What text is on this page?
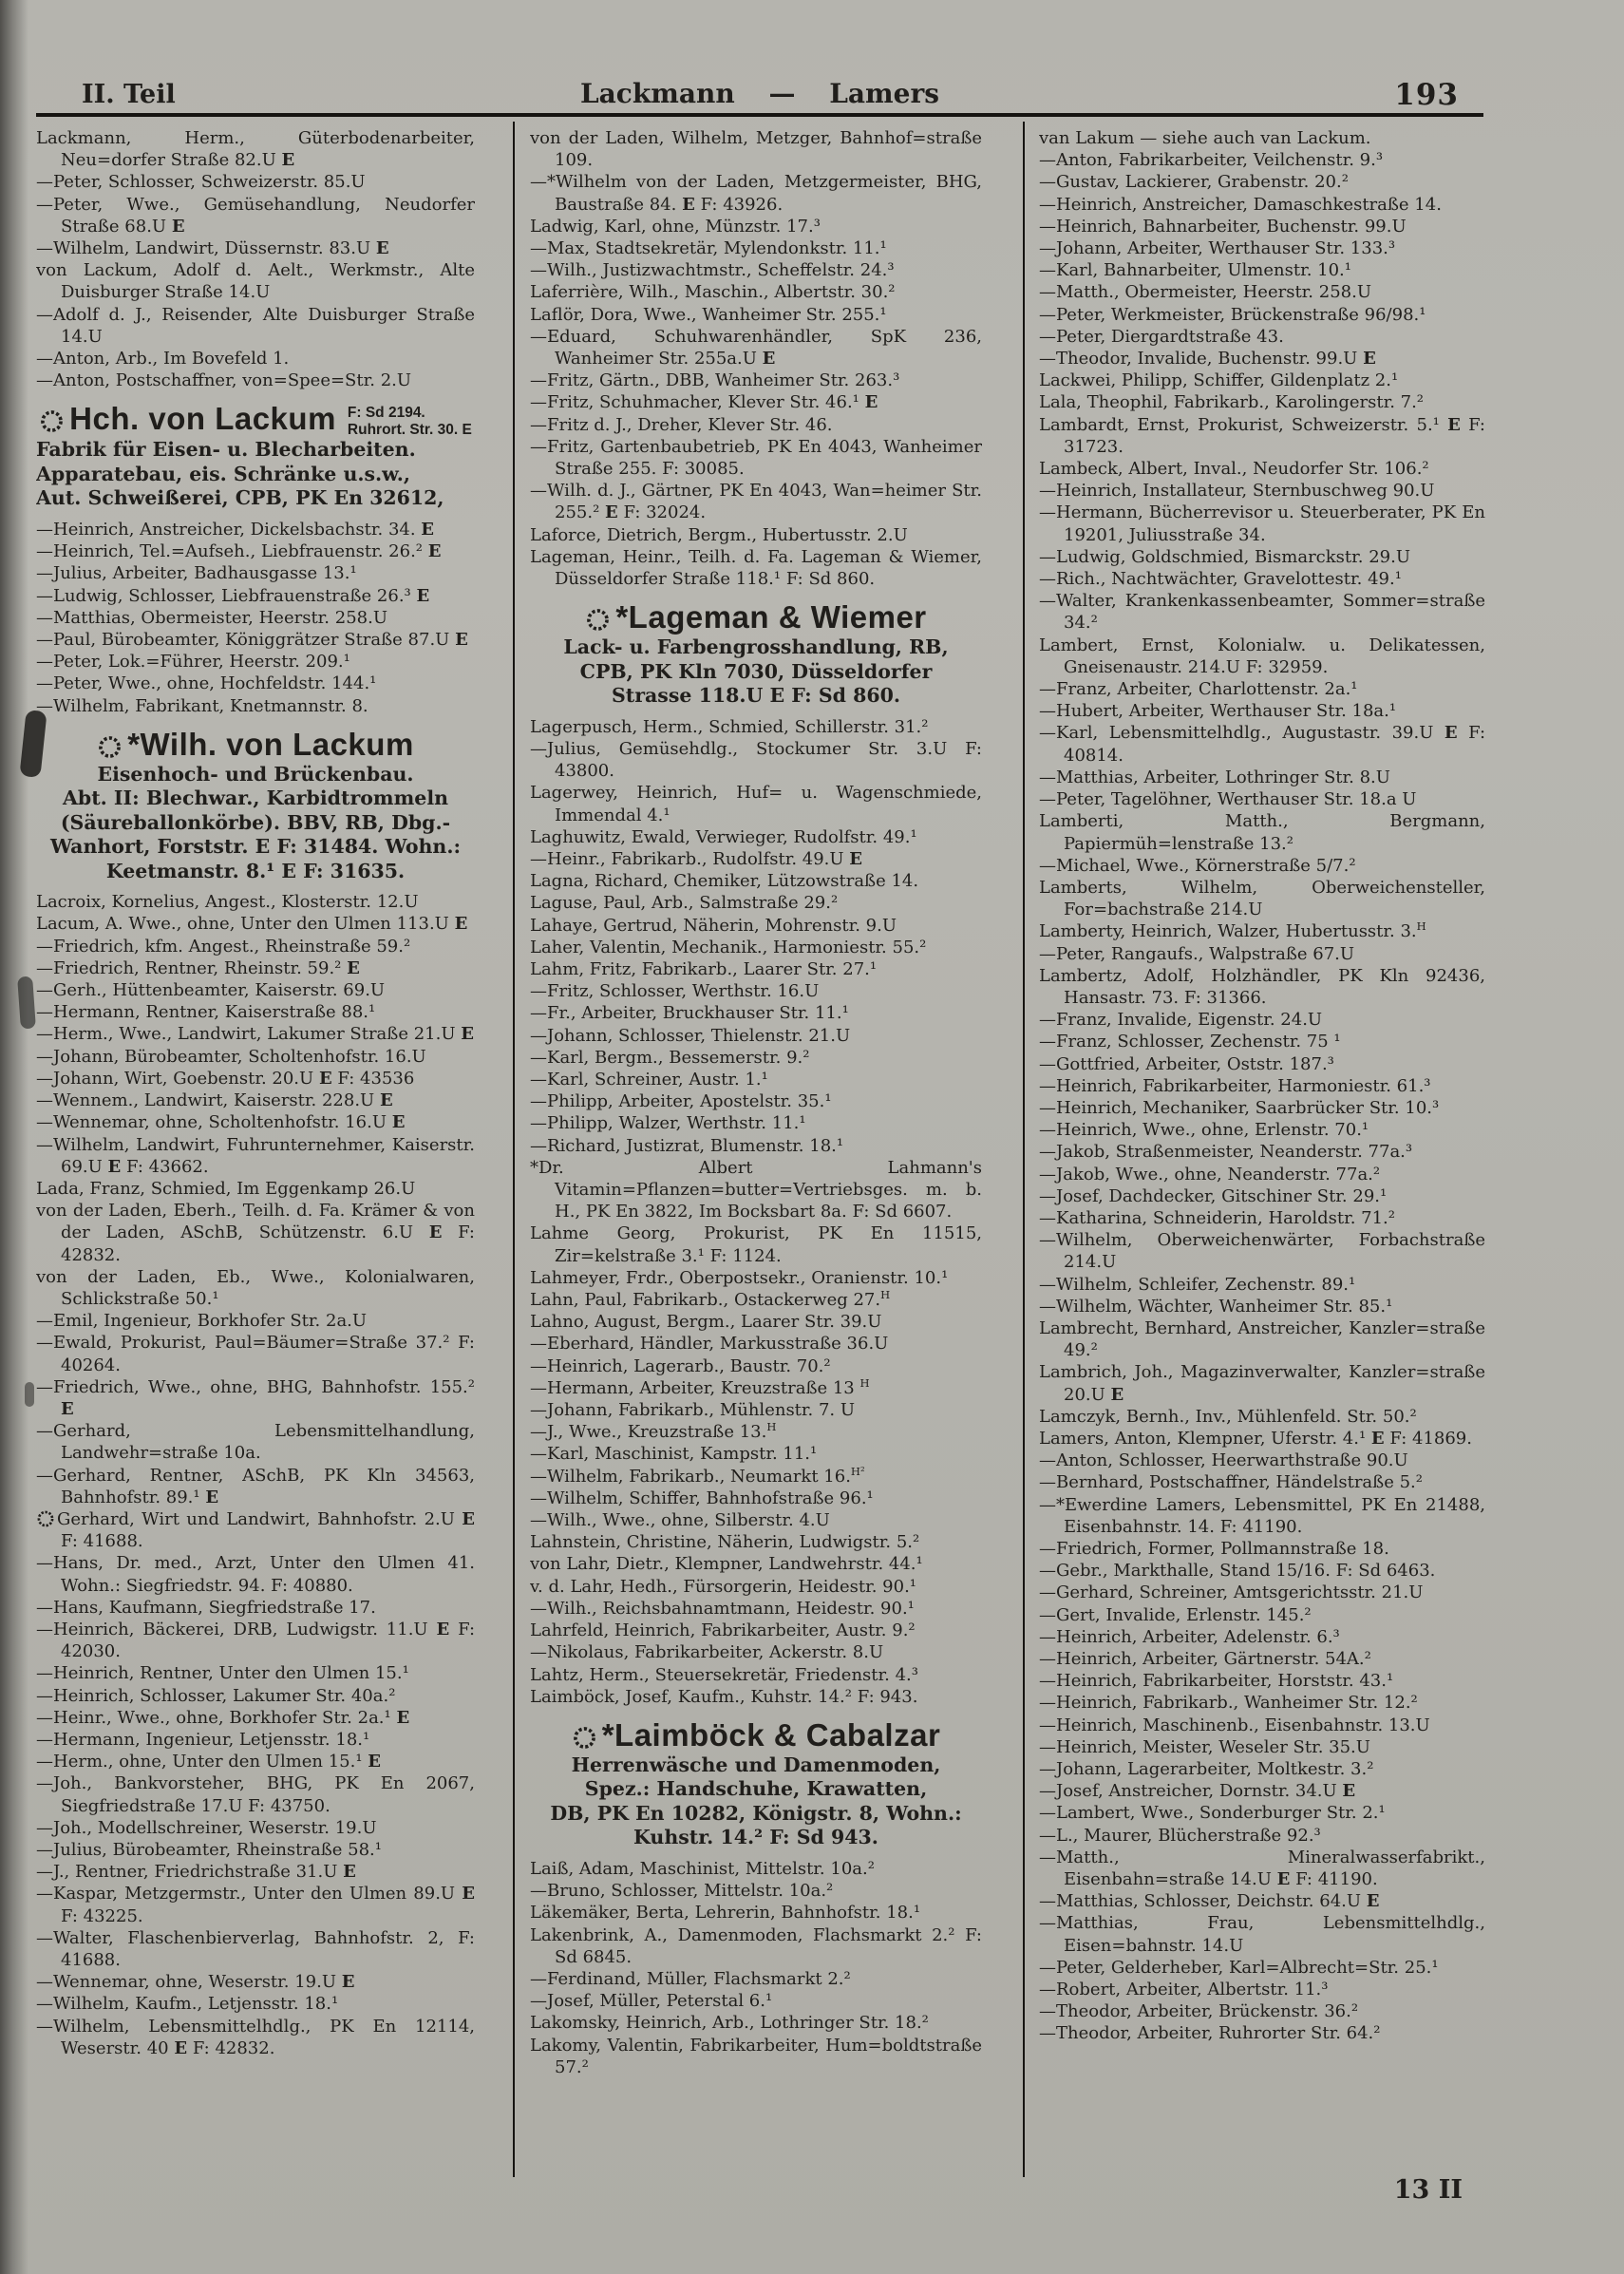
II. Teil	Lackmann — Lamers	193
Lackmann, Herm., Güterbodenarbeiter, Neu=dorfer Straße 82.U E
—Peter, Schlosser, Schweizerstr. 85.U
—Peter, Wwe., Gemüsehandlung, Neudorfer Straße 68.U E
—Wilhelm, Landwirt, Düssernstr. 83.U E
von Lackum, Adolf d. Aelt., Werkmstr., Alte Duisburger Straße 14.U
—Adolf d. J., Reisender, Alte Duisburger Straße 14.U
—Anton, Arb., Im Bovefeld 1.
—Anton, Postschaffner, von=Spee=Str. 2.U
Hch. von Lackum F: Sd 2194.
Ruhrort. Str. 30. E
Fabrik für Eisen- u. Blecharbeiten.
Apparatebau, eis. Schränke u.s.w.,
Aut. Schweißerei, CPB, PK En 32612,
—Heinrich, Anstreicher, Dickelsbachstr. 34. E
—Heinrich, Tel.=Aufseh., Liebfrauenstr. 26.² E
—Julius, Arbeiter, Badhausgasse 13.¹
—Ludwig, Schlosser, Liebfrauenstraße 26.³ E
—Matthias, Obermeister, Heerstr. 258.U
—Paul, Bürobeamter, Königgrätzer Straße 87.U E
—Peter, Lok.=Führer, Heerstr. 209.¹
—Peter, Wwe., ohne, Hochfeldstr. 144.¹
—Wilhelm, Fabrikant, Knetmannstr. 8.
*Wilh. von Lackum
Eisenhoch- und Brückenbau.
Abt. II: Blechwar., Karbidtrommeln
(Säureballonkörbe). BBV, RB, Dbg.-
Wanhort, Forststr. E F: 31484. Wohn.:
Keetmanstr. 8.¹ E F: 31635.
Lacroix, Kornelius, Angest., Klosterstr. 12.U
Lacum, A. Wwe., ohne, Unter den Ulmen 113.U E
—Friedrich, kfm. Angest., Rheinstraße 59.²
—Friedrich, Rentner, Rheinstr. 59.² E
—Gerh., Hüttenbeamter, Kaiserstr. 69.U
—Hermann, Rentner, Kaiserstraße 88.¹
—Herm., Wwe., Landwirt, Lakumer Straße 21.U E
—Johann, Bürobeamter, Scholtenhofstr. 16.U
—Johann, Wirt, Goebenstr. 20.U E F: 43536
—Wennem., Landwirt, Kaiserstr. 228.U E
—Wennemar, ohne, Scholtenhofstr. 16.U E
—Wilhelm, Landwirt, Fuhrunternehmer, Kaiserstr. 69.U E F: 43662.
Lada, Franz, Schmied, Im Eggenkamp 26.U
von der Laden, Eberh., Teilh. d. Fa. Krämer & von der Laden, ASchB, Schützenstr. 6.U E F: 42832.
von der Laden, Eb., Wwe., Kolonialwaren, Schlickstraße 50.¹
—Emil, Ingenieur, Borkhofer Str. 2a.U
—Ewald, Prokurist, Paul=Bäumer=Straße 37.² F: 40264.
—Friedrich, Wwe., ohne, BHG, Bahnhofstr. 155.² E
—Gerhard, Lebensmittelhandlung, Landwehr=straße 10a.
—Gerhard, Rentner, ASchB, PK Kln 34563, Bahnhofstr. 89.¹ E
Gerhard, Wirt und Landwirt, Bahnhofstr. 2.U E F: 41688.
—Hans, Dr. med., Arzt, Unter den Ulmen 41. Wohn.: Siegfriedstr. 94. F: 40880.
—Hans, Kaufmann, Siegfriedstraße 17.
—Heinrich, Bäckerei, DRB, Ludwigstr. 11.U E F: 42030.
—Heinrich, Rentner, Unter den Ulmen 15.¹
—Heinrich, Schlosser, Lakumer Str. 40a.²
—Heinr., Wwe., ohne, Borkhofer Str. 2a.¹ E
—Hermann, Ingenieur, Letjensstr. 18.¹
—Herm., ohne, Unter den Ulmen 15.¹ E
—Joh., Bankvorsteher, BHG, PK En 2067, Siegfriedstraße 17.U F: 43750.
—Joh., Modellschreiner, Weserstr. 19.U
—Julius, Bürobeamter, Rheinstraße 58.¹
—J., Rentner, Friedrichstraße 31.U E
—Kaspar, Metzgermstr., Unter den Ulmen 89.U E F: 43225.
—Walter, Flaschenbierverlag, Bahnhofstr. 2, F: 41688.
—Wennemar, ohne, Weserstr. 19.U E
—Wilhelm, Kaufm., Letjensstr. 18.¹
—Wilhelm, Lebensmittelhdlg., PK En 12114, Weserstr. 40 E F: 42832.
von der Laden, Wilhelm, Metzger, Bahnhof=straße 109.
—*Wilhelm von der Laden, Metzgermeister, BHG, Baustraße 84. E F: 43926.
Ladwig, Karl, ohne, Münzstr. 17.³
—Max, Stadtsekretär, Mylendonkstr. 11.¹
—Wilh., Justizwachtmstr., Scheffelstr. 24.³
Laferrière, Wilh., Maschin., Albertstr. 30.²
Laflör, Dora, Wwe., Wanheimer Str. 255.¹
—Eduard, Schuhwarenhändler, SpK 236, Wanheimer Str. 255a.U E
—Fritz, Gärtn., DBB, Wanheimer Str. 263.³
—Fritz, Schuhmacher, Klever Str. 46.¹ E
—Fritz d. J., Dreher, Klever Str. 46.
—Fritz, Gartenbaubetrieb, PK En 4043, Wanheimer Straße 255. F: 30085.
—Wilh. d. J., Gärtner, PK En 4043, Wan=heimer Str. 255.² E F: 32024.
Laforce, Dietrich, Bergm., Hubertusstr. 2.U
Lageman, Heinr., Teilh. d. Fa. Lageman & Wiemer, Düsseldorfer Straße 118.¹ F: Sd 860.
*Lageman & Wiemer
Lack- u. Farbengrosshandlung, RB,
CPB, PK Kln 7030, Düsseldorfer
Strasse 118.U E F: Sd 860.
Lagerpusch, Herm., Schmied, Schillerstr. 31.²
—Julius, Gemüsehdlg., Stockumer Str. 3.U F: 43800.
Lagerwey, Heinrich, Huf= u. Wagenschmiede, Immendal 4.¹
Laghuwitz, Ewald, Verwieger, Rudolfstr. 49.¹
—Heinr., Fabrikarb., Rudolfstr. 49.U E
Lagna, Richard, Chemiker, Lützowstraße 14.
Laguse, Paul, Arb., Salmstraße 29.²
Lahaye, Gertrud, Näherin, Mohrenstr. 9.U
Laher, Valentin, Mechanik., Harmoniestr. 55.²
Lahm, Fritz, Fabrikarb., Laarer Str. 27.¹
—Fritz, Schlosser, Werthstr. 16.U
—Fr., Arbeiter, Bruckhauser Str. 11.¹
—Johann, Schlosser, Thielenstr. 21.U
—Karl, Bergm., Bessemerstr. 9.²
—Karl, Schreiner, Austr. 1.¹
—Philipp, Arbeiter, Apostelstr. 35.¹
—Philipp, Walzer, Werthstr. 11.¹
—Richard, Justizrat, Blumenstr. 18.¹
*Dr. Albert Lahmann's Vitamin=Pflanzen=butter=Vertriebsges. m. b. H., PK En 3822, Im Bocksbart 8a. F: Sd 6607.
Lahme Georg, Prokurist, PK En 11515, Zir=kelstraße 3.¹ F: 1124.
Lahmeyer, Frdr., Oberpostsekr., Oranienstr. 10.¹
Lahn, Paul, Fabrikarb., Ostackerweg 27.$^H$
Lahno, August, Bergm., Laarer Str. 39.U
—Eberhard, Händler, Markusstraße 36.U
—Heinrich, Lagerarb., Baustr. 70.²
—Hermann, Arbeiter, Kreuzstraße 13 $^H$
—Johann, Fabrikarb., Mühlenstr. 7. U
—J., Wwe., Kreuzstraße 13.$^H$
—Karl, Maschinist, Kampstr. 11.¹
—Wilhelm, Fabrikarb., Neumarkt 16.$^{H^2}$
—Wilhelm, Schiffer, Bahnhofstraße 96.¹
—Wilh., Wwe., ohne, Silberstr. 4.U
Lahnstein, Christine, Näherin, Ludwigstr. 5.²
von Lahr, Dietr., Klempner, Landwehrstr. 44.¹
v. d. Lahr, Hedh., Fürsorgerin, Heidestr. 90.¹
—Wilh., Reichsbahnamtmann, Heidestr. 90.¹
Lahrfeld, Heinrich, Fabrikarbeiter, Austr. 9.²
—Nikolaus, Fabrikarbeiter, Ackerstr. 8.U
Lahtz, Herm., Steuersekretär, Friedenstr. 4.³
Laimböck, Josef, Kaufm., Kuhstr. 14.² F: 943.
*Laimböck & Cabalzar
Herrenwäsche und Damenmoden,
Spez.: Handschuhe, Krawatten,
DB, PK En 10282, Königstr. 8, Wohn.:
Kuhstr. 14.² F: Sd 943.
Laiß, Adam, Maschinist, Mittelstr. 10a.²
—Bruno, Schlosser, Mittelstr. 10a.²
Läkemäker, Berta, Lehrerin, Bahnhofstr. 18.¹
Lakenbrink, A., Damenmoden, Flachsmarkt 2.² F: Sd 6845.
—Ferdinand, Müller, Flachsmarkt 2.²
—Josef, Müller, Peterstal 6.¹
Lakomsky, Heinrich, Arb., Lothringer Str. 18.²
Lakomy, Valentin, Fabrikarbeiter, Hum=boldtstraße 57.²
van Lakum — siehe auch van Lackum.
—Anton, Fabrikarbeiter, Veilchenstr. 9.³
—Gustav, Lackierer, Grabenstr. 20.²
—Heinrich, Anstreicher, Damaschkestraße 14.
—Heinrich, Bahnarbeiter, Buchenstr. 99.U
—Johann, Arbeiter, Werthauser Str. 133.³
—Karl, Bahnarbeiter, Ulmenstr. 10.¹
—Matth., Obermeister, Heerstr. 258.U
—Peter, Werkmeister, Brückenstraße 96/98.¹
—Peter, Diergardtstraße 43.
—Theodor, Invalide, Buchenstr. 99.U E
Lackwei, Philipp, Schiffer, Gildenplatz 2.¹
Lala, Theophil, Fabrikarb., Karolingerstr. 7.²
Lambardt, Ernst, Prokurist, Schweizerstr. 5.¹ E F: 31723.
Lambeck, Albert, Inval., Neudorfer Str. 106.²
—Heinrich, Installateur, Sternbuschweg 90.U
—Hermann, Bücherrevisor u. Steuerberater, PK En 19201, Juliusstraße 34.
—Ludwig, Goldschmied, Bismarckstr. 29.U
—Rich., Nachtwächter, Gravelottestr. 49.¹
—Walter, Krankenkassenbeamter, Sommer=straße 34.²
Lambert, Ernst, Kolonialw. u. Delikatessen, Gneisenaustr. 214.U F: 32959.
—Franz, Arbeiter, Charlottenstr. 2a.¹
—Hubert, Arbeiter, Werthauser Str. 18a.¹
—Karl, Lebensmittelhdlg., Augustastr. 39.U E F: 40814.
—Matthias, Arbeiter, Lothringer Str. 8.U
—Peter, Tagelöhner, Werthauser Str. 18.a U
Lamberti, Matth., Bergmann, Papiermüh=lenstraße 13.²
—Michael, Wwe., Körnerstraße 5/7.²
Lamberts, Wilhelm, Oberweichensteller, For=bachstraße 214.U
Lamberty, Heinrich, Walzer, Hubertusstr. 3.$^H$
—Peter, Rangaufs., Walpstraße 67.U
Lambertz, Adolf, Holzhändler, PK Kln 92436, Hansastr. 73. F: 31366.
—Franz, Invalide, Eigenstr. 24.U
—Franz, Schlosser, Zechenstr. 75 ¹
—Gottfried, Arbeiter, Oststr. 187.³
—Heinrich, Fabrikarbeiter, Harmoniestr. 61.³
—Heinrich, Mechaniker, Saarbrücker Str. 10.³
—Heinrich, Wwe., ohne, Erlenstr. 70.¹
—Jakob, Straßenmeister, Neanderstr. 77a.³
—Jakob, Wwe., ohne, Neanderstr. 77a.²
—Josef, Dachdecker, Gitschiner Str. 29.¹
—Katharina, Schneiderin, Haroldstr. 71.²
—Wilhelm, Oberweichenwärter, Forbachstraße 214.U
—Wilhelm, Schleifer, Zechenstr. 89.¹
—Wilhelm, Wächter, Wanheimer Str. 85.¹
Lambrecht, Bernhard, Anstreicher, Kanzler=straße 49.²
Lambrich, Joh., Magazinverwalter, Kanzler=straße 20.U E
Lamczyk, Bernh., Inv., Mühlenfeld. Str. 50.²
Lamers, Anton, Klempner, Uferstr. 4.¹ E F: 41869.
—Anton, Schlosser, Heerwarthstraße 90.U
—Bernhard, Postschaffner, Händelstraße 5.²
—*Ewerdine Lamers, Lebensmittel, PK En 21488, Eisenbahnstr. 14. F: 41190.
—Friedrich, Former, Pollmannstraße 18.
—Gebr., Markthalle, Stand 15/16. F: Sd 6463.
—Gerhard, Schreiner, Amtsgerichtsstr. 21.U
—Gert, Invalide, Erlenstr. 145.²
—Heinrich, Arbeiter, Adelenstr. 6.³
—Heinrich, Arbeiter, Gärtnerstr. 54A.²
—Heinrich, Fabrikarbeiter, Horststr. 43.¹
—Heinrich, Fabrikarb., Wanheimer Str. 12.²
—Heinrich, Maschinenb., Eisenbahnstr. 13.U
—Heinrich, Meister, Weseler Str. 35.U
—Johann, Lagerarbeiter, Moltkestr. 3.²
—Josef, Anstreicher, Dornstr. 34.U E
—Lambert, Wwe., Sonderburger Str. 2.¹
—L., Maurer, Blücherstraße 92.³
—Matth., Mineralwasserfabrikt., Eisenbahn=straße 14.U E F: 41190.
—Matthias, Schlosser, Deichstr. 64.U E
—Matthias, Frau, Lebensmittelhdlg., Eisen=bahnstr. 14.U
—Peter, Gelderheber, Karl=Albrecht=Str. 25.¹
—Robert, Arbeiter, Albertstr. 11.³
—Theodor, Arbeiter, Brückenstr. 36.²
—Theodor, Arbeiter, Ruhrorter Str. 64.²
13 II
